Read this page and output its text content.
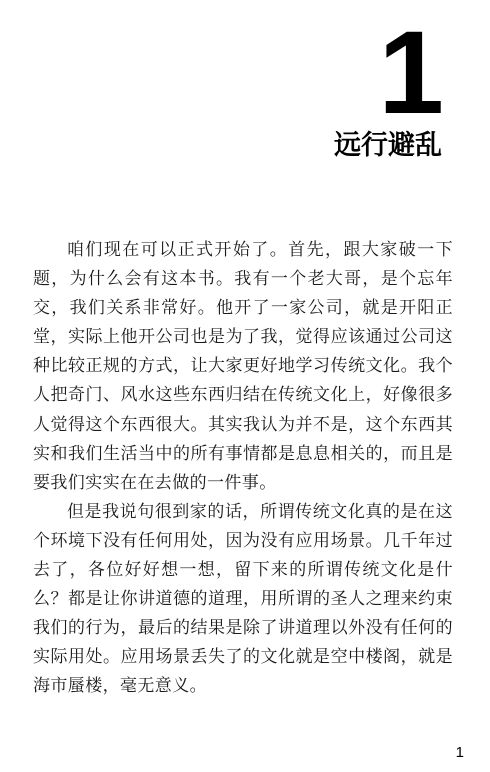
1
远行避乱

咱们现在可以正式开始了。首先，跟大家破一下题，为什么会有这本书。我有一个老大哥，是个忘年交，我们关系非常好。他开了一家公司，就是开阳正堂，实际上他开公司也是为了我，觉得应该通过公司这种比较正规的方式，让大家更好地学习传统文化。我个人把奇门、风水这些东西归结在传统文化上，好像很多人觉得这个东西很大。其实我认为并不是，这个东西其实和我们生活当中的所有事情都是息息相关的，而且是要我们实实在在去做的一件事。

但是我说句很到家的话，所谓传统文化真的是在这个环境下没有任何用处，因为没有应用场景。几千年过去了，各位好好想一想，留下来的所谓传统文化是什么？都是让你讲道德的道理，用所谓的圣人之理来约束我们的行为，最后的结果是除了讲道理以外没有任何的实际用处。应用场景丢失了的文化就是空中楼阁，就是海市蜃楼，毫无意义。

1
